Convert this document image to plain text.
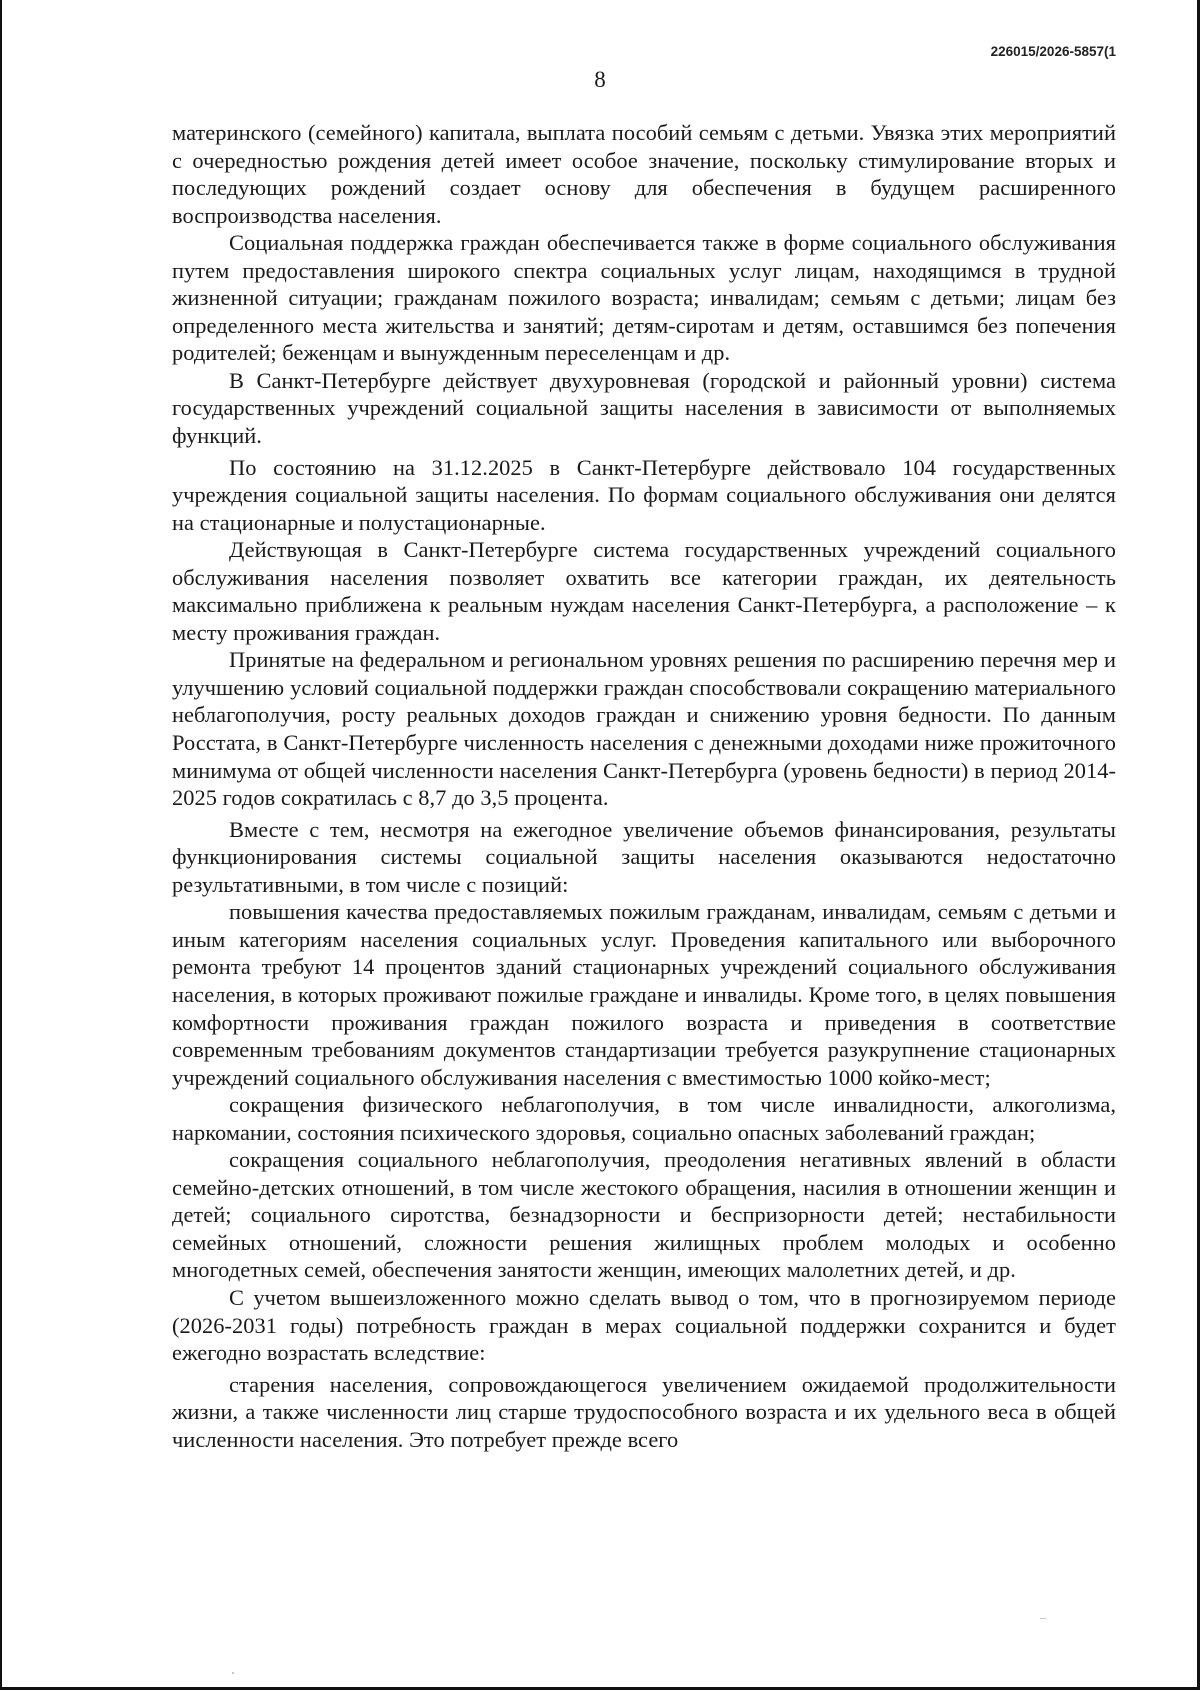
226015/2026-5857(1
8

материнского (семейного) капитала, выплата пособий семьям с детьми. Увязка этих мероприятий с очередностью рождения детей имеет особое значение, поскольку стимулирование вторых и последующих рождений создает основу для обеспечения в будущем расширенного воспроизводства населения.

Социальная поддержка граждан обеспечивается также в форме социального обслуживания путем предоставления широкого спектра социальных услуг лицам, находящимся в трудной жизненной ситуации; гражданам пожилого возраста; инвалидам; семьям с детьми; лицам без определенного места жительства и занятий; детям-сиротам и детям, оставшимся без попечения родителей; беженцам и вынужденным переселенцам и др.

В Санкт-Петербурге действует двухуровневая (городской и районный уровни) система государственных учреждений социальной защиты населения в зависимости от выполняемых функций.

По состоянию на 31.12.2025 в Санкт-Петербурге действовало 104 государственных учреждения социальной защиты населения. По формам социального обслуживания они делятся на стационарные и полустационарные.

Действующая в Санкт-Петербурге система государственных учреждений социального обслуживания населения позволяет охватить все категории граждан, их деятельность максимально приближена к реальным нуждам населения Санкт-Петербурга, а расположение – к месту проживания граждан.

Принятые на федеральном и региональном уровнях решения по расширению перечня мер и улучшению условий социальной поддержки граждан способствовали сокращению материального неблагополучия, росту реальных доходов граждан и снижению уровня бедности. По данным Росстата, в Санкт-Петербурге численность населения с денежными доходами ниже прожиточного минимума от общей численности населения Санкт-Петербурга (уровень бедности) в период 2014-2025 годов сократилась с 8,7 до 3,5 процента.

Вместе с тем, несмотря на ежегодное увеличение объемов финансирования, результаты функционирования системы социальной защиты населения оказываются недостаточно результативными, в том числе с позиций:

повышения качества предоставляемых пожилым гражданам, инвалидам, семьям с детьми и иным категориям населения социальных услуг. Проведения капитального или выборочного ремонта требуют 14 процентов зданий стационарных учреждений социального обслуживания населения, в которых проживают пожилые граждане и инвалиды. Кроме того, в целях повышения комфортности проживания граждан пожилого возраста и приведения в соответствие современным требованиям документов стандартизации требуется разукрупнение стационарных учреждений социального обслуживания населения с вместимостью 1000 койко-мест;

сокращения физического неблагополучия, в том числе инвалидности, алкоголизма, наркомании, состояния психического здоровья, социально опасных заболеваний граждан;

сокращения социального неблагополучия, преодоления негативных явлений в области семейно-детских отношений, в том числе жестокого обращения, насилия в отношении женщин и детей; социального сиротства, безнадзорности и беспризорности детей; нестабильности семейных отношений, сложности решения жилищных проблем молодых и особенно многодетных семей, обеспечения занятости женщин, имеющих малолетних детей, и др.

С учетом вышеизложенного можно сделать вывод о том, что в прогнозируемом периоде (2026-2031 годы) потребность граждан в мерах социальной поддержки сохранится и будет ежегодно возрастать вследствие:

старения населения, сопровождающегося увеличением ожидаемой продолжительности жизни, а также численности лиц старше трудоспособного возраста и их удельного веса в общей численности населения. Это потребует прежде всего
